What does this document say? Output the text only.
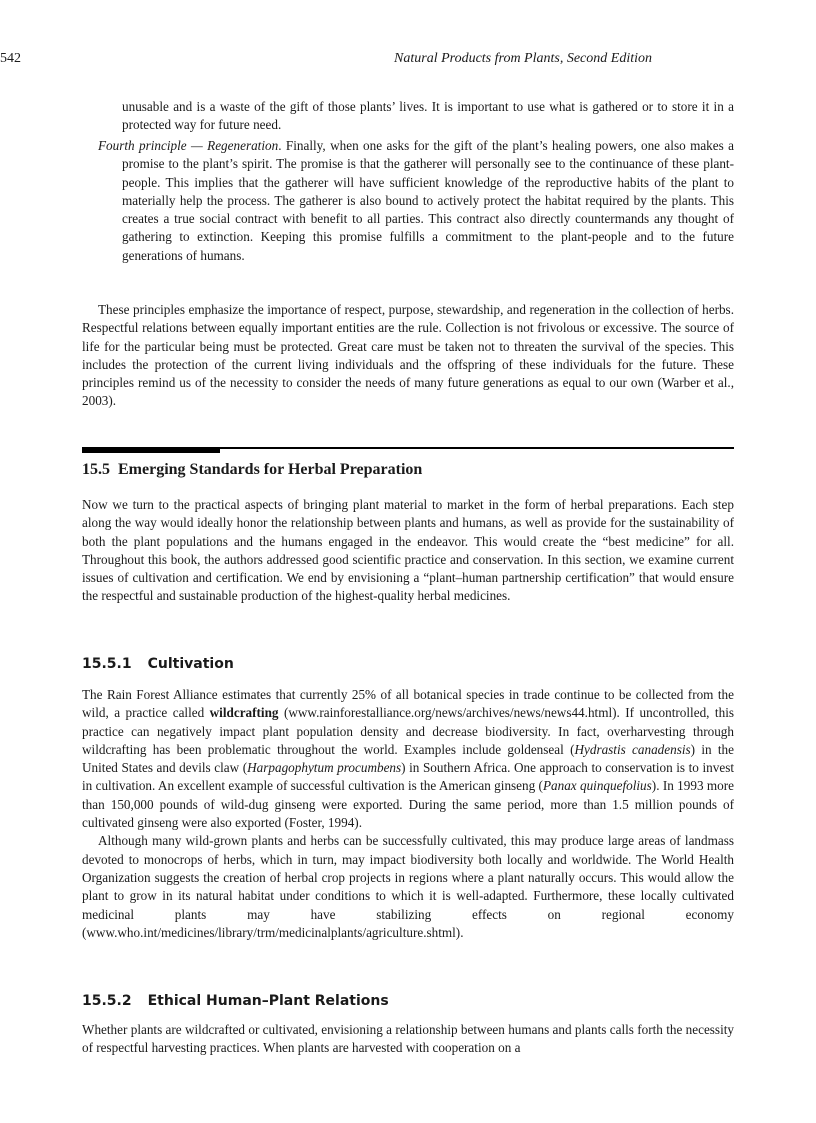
542	Natural Products from Plants, Second Edition

unusable and is a waste of the gift of those plants’ lives. It is important to use what is gathered or to store it in a protected way for future need.

Fourth principle — Regeneration. Finally, when one asks for the gift of the plant’s healing powers, one also makes a promise to the plant’s spirit. The promise is that the gatherer will personally see to the continuance of these plant-people. This implies that the gatherer will have sufficient knowledge of the reproductive habits of the plant to materially help the process. The gatherer is also bound to actively protect the habitat required by the plants. This creates a true social contract with benefit to all parties. This contract also directly countermands any thought of gathering to extinction. Keeping this promise fulfills a commitment to the plant-people and to the future generations of humans.

These principles emphasize the importance of respect, purpose, stewardship, and regeneration in the collection of herbs. Respectful relations between equally important entities are the rule. Collection is not frivolous or excessive. The source of life for the particular being must be protected. Great care must be taken not to threaten the survival of the species. This includes the protection of the current living individuals and the offspring of these individuals for the future. These principles remind us of the necessity to consider the needs of many future generations as equal to our own (Warber et al., 2003).

15.5 Emerging Standards for Herbal Preparation

Now we turn to the practical aspects of bringing plant material to market in the form of herbal preparations. Each step along the way would ideally honor the relationship between plants and humans, as well as provide for the sustainability of both the plant populations and the humans engaged in the endeavor. This would create the “best medicine” for all. Throughout this book, the authors addressed good scientific practice and conservation. In this section, we examine current issues of cultivation and certification. We end by envisioning a “plant–human partnership certification” that would ensure the respectful and sustainable production of the highest-quality herbal medicines.

15.5.1 Cultivation

The Rain Forest Alliance estimates that currently 25% of all botanical species in trade continue to be collected from the wild, a practice called wildcrafting (www.rainforestalliance.org/news/archives/news/news44.html). If uncontrolled, this practice can negatively impact plant population density and decrease biodiversity. In fact, overharvesting through wildcrafting has been problematic throughout the world. Examples include goldenseal (Hydrastis canadensis) in the United States and devils claw (Harpagophytum procumbens) in Southern Africa. One approach to conservation is to invest in cultivation. An excellent example of successful cultivation is the American ginseng (Panax quinquefolius). In 1993 more than 150,000 pounds of wild-dug ginseng were exported. During the same period, more than 1.5 million pounds of cultivated ginseng were also exported (Foster, 1994).

Although many wild-grown plants and herbs can be successfully cultivated, this may produce large areas of landmass devoted to monocrops of herbs, which in turn, may impact biodiversity both locally and worldwide. The World Health Organization suggests the creation of herbal crop projects in regions where a plant naturally occurs. This would allow the plant to grow in its natural habitat under conditions to which it is well-adapted. Furthermore, these locally cultivated medicinal plants may have stabilizing effects on regional economy (www.who.int/medicines/library/trm/medicinalplants/agriculture.shtml).

15.5.2 Ethical Human–Plant Relations

Whether plants are wildcrafted or cultivated, envisioning a relationship between humans and plants calls forth the necessity of respectful harvesting practices. When plants are harvested with cooperation on a
